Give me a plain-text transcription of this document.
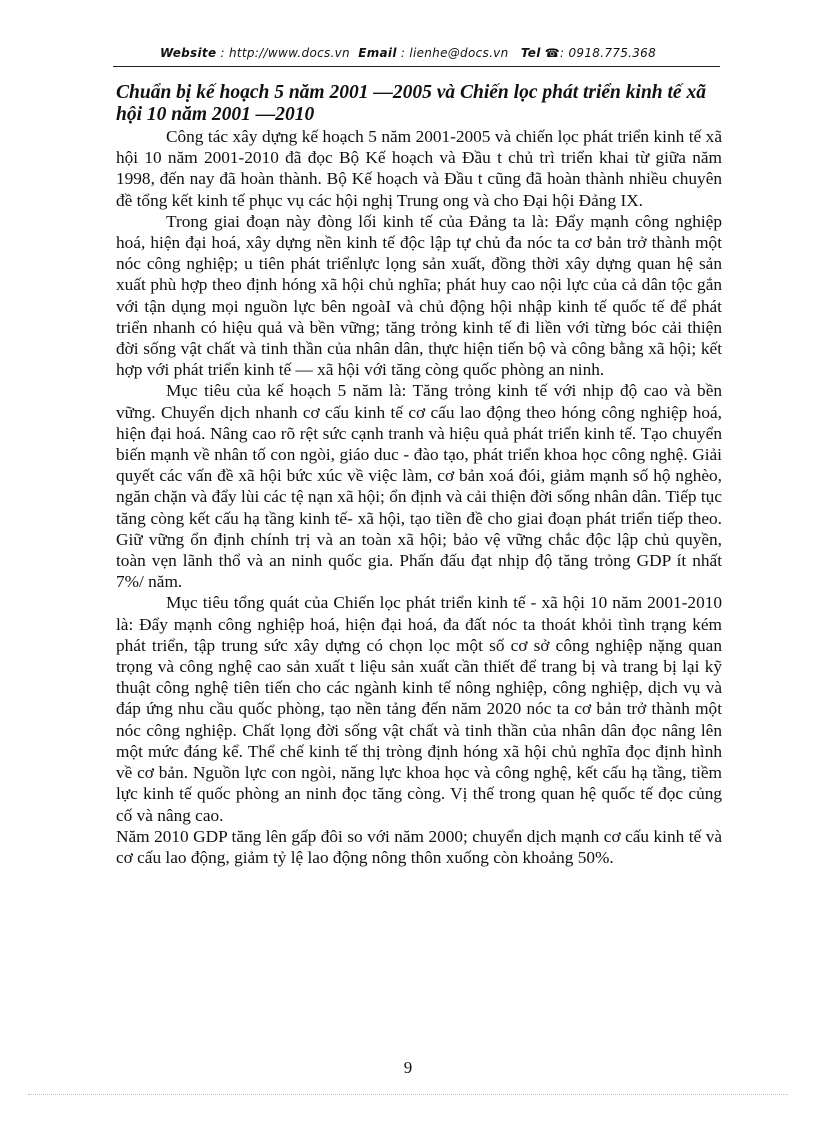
Website : http://www.docs.vn Email : lienhe@docs.vn Tel ☎: 0918.775.368
Chuẩn bị kế hoạch 5 năm 2001 —2005 và Chiến lọc phát triển kinh tế xã hội 10 năm 2001 —2010

Công tác xây dựng kế hoạch 5 năm 2001-2005 và chiến lọc phát triển kinh tế xã hội 10 năm 2001-2010 đã đọc Bộ Kế hoạch và Đầu t chủ trì triển khai từ giữa năm 1998, đến nay đã hoàn thành. Bộ Kế hoạch và Đầu t cũng đã hoàn thành nhiều chuyên đề tổng kết kinh tế phục vụ các hội nghị Trung ong và cho Đại hội Đảng IX.

Trong giai đoạn này đòng lối kinh tế của Đảng ta là: Đẩy mạnh công nghiệp hoá, hiện đại hoá, xây dựng nền kinh tế độc lập tự chủ đa nóc ta cơ bản trở thành một nóc công nghiệp; u tiên phát triểnlực lọng sản xuất, đồng thời xây dựng quan hệ sản xuất phù hợp theo định hóng xã hội chủ nghĩa; phát huy cao nội lực của cả dân tộc gắn với tận dụng mọi nguồn lực bên ngoàI và chủ động hội nhập kinh tế quốc tế để phát triển nhanh có hiệu quả và bền vững; tăng trỏng kinh tế đi liền với từng bóc cải thiện đời sống vật chất và tinh thần của nhân dân, thực hiện tiến bộ và công bằng xã hội; kết hợp với phát triển kinh tế — xã hội với tăng còng quốc phòng an ninh.

Mục tiêu của kế hoạch 5 năm là: Tăng trỏng kinh tế với nhịp độ cao và bền vững. Chuyển dịch nhanh cơ cấu kinh tế cơ cấu lao động theo hóng công nghiệp hoá, hiện đại hoá. Nâng cao rõ rệt sức cạnh tranh và hiệu quả phát triển kinh tế. Tạo chuyển biến mạnh về nhân tố con ngòi, giáo duc - đào tạo, phát triển khoa học công nghệ. Giải quyết các vấn đề xã hội bức xúc về việc làm, cơ bản xoá đói, giảm mạnh số hộ nghèo, ngăn chặn và đẩy lùi các tệ nạn xã hội; ổn định và cải thiện đời sống nhân dân. Tiếp tục tăng còng kết cấu hạ tầng kinh tế- xã hội, tạo tiền đề cho giai đoạn phát triển tiếp theo. Giữ vững ổn định chính trị và an toàn xã hội; bảo vệ vững chắc độc lập chủ quyền, toàn vẹn lãnh thổ và an ninh quốc gia. Phấn đấu đạt nhịp độ tăng trỏng GDP ít nhất 7%/ năm.

Mục tiêu tổng quát của Chiến lọc phát triển kinh tế - xã hội 10 năm 2001-2010 là: Đẩy mạnh công nghiệp hoá, hiện đại hoá, đa đất nóc ta thoát khỏi tình trạng kém phát triển, tập trung sức xây dựng có chọn lọc một số cơ sở công nghiệp nặng quan trọng và công nghệ cao sản xuất t liệu sản xuất cần thiết để trang bị và trang bị lại kỹ thuật công nghệ tiên tiến cho các ngành kinh tế nông nghiệp, công nghiệp, dịch vụ và đáp ứng nhu cầu quốc phòng, tạo nền tảng đến năm 2020 nóc ta cơ bản trở thành một nóc công nghiệp. Chất lọng đời sống vật chất và tinh thần của nhân dân đọc nâng lên một mức đáng kể. Thể chế kinh tế thị tròng định hóng xã hội chủ nghĩa đọc định hình về cơ bản. Nguồn lực con ngòi, năng lực khoa học và công nghệ, kết cấu hạ tầng, tiềm lực kinh tế quốc phòng an ninh đọc tăng còng. Vị thế trong quan hệ quốc tế đọc củng cố và nâng cao.

Năm 2010 GDP tăng lên gấp đôi so với năm 2000; chuyển dịch mạnh cơ cấu kinh tế và cơ cấu lao động, giảm tỷ lệ lao động nông thôn xuống còn khoảng 50%.

9
